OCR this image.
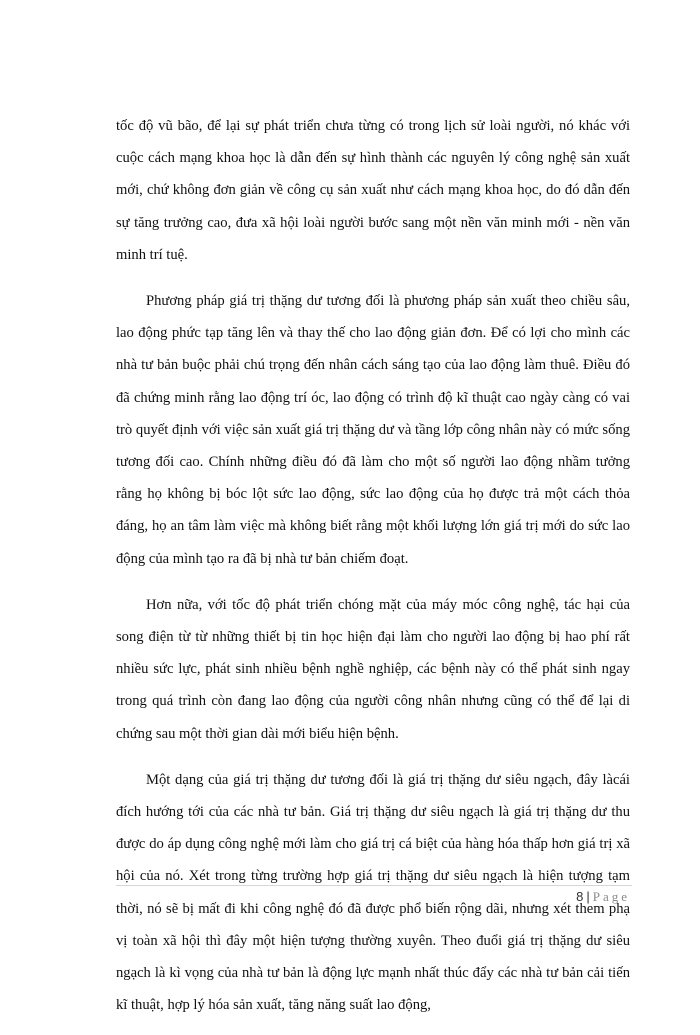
tốc độ vũ bão, để lại sự phát triển chưa từng có trong lịch sử loài người, nó khác với cuộc cách mạng khoa học là dẫn đến sự hình thành các nguyên lý công nghệ sản xuất mới, chứ không đơn giản về công cụ sản xuất như cách mạng khoa học, do đó dẫn đến sự tăng trưởng cao, đưa xã hội loài người bước sang một nền văn minh mới - nền văn minh trí tuệ.

Phương pháp giá trị thặng dư tương đối là phương pháp sản xuất theo chiều sâu, lao động phức tạp tăng lên và thay thế cho lao động giản đơn. Để có lợi cho mình các nhà tư bản buộc phải chú trọng đến nhân cách sáng tạo của lao động làm thuê. Điều đó đã chứng minh rằng lao động trí óc, lao động có trình độ kĩ thuật cao ngày càng có vai trò quyết định với việc sản xuất giá trị thặng dư và tầng lớp công nhân này có mức sống tương đối cao. Chính những điều đó đã làm cho một số người lao động nhầm tưởng rằng họ không bị bóc lột sức lao động, sức lao động của họ được trả một cách thỏa đáng, họ an tâm làm việc mà không biết rằng một khối lượng lớn giá trị mới do sức lao động của mình tạo ra đã bị nhà tư bản chiếm đoạt.

Hơn nữa, với tốc độ phát triển chóng mặt của máy móc công nghệ, tác hại của song điện từ từ những thiết bị tin học hiện đại làm cho người lao động bị hao phí rất nhiều sức lực, phát sinh nhiều bệnh nghề nghiệp, các bệnh này có thể phát sinh ngay trong quá trình còn đang lao động của người công nhân nhưng cũng có thể để lại di chứng sau một thời gian dài mới biểu hiện bệnh.

Một dạng của giá trị thặng dư tương đối là giá trị thặng dư siêu ngạch, đây làcái đích hướng tới của các nhà tư bản. Giá trị thặng dư siêu ngạch là giá trị thặng dư thu được do áp dụng công nghệ mới làm cho giá trị cá biệt của hàng hóa thấp hơn giá trị xã hội của nó. Xét trong từng trường hợp giá trị thặng dư siêu ngạch là hiện tượng tạm thời, nó sẽ bị mất đi khi công nghệ đó đã được phổ biến rộng dãi, nhưng xét them phạ vị toàn xã hội thì đây một hiện tượng thường xuyên. Theo đuổi giá trị thặng dư siêu ngạch là kì vọng của nhà tư bản là động lực mạnh nhất thúc đẩy các nhà tư bản cải tiến kĩ thuật, hợp lý hóa sản xuất, tăng năng suất lao động,

8 | Page
